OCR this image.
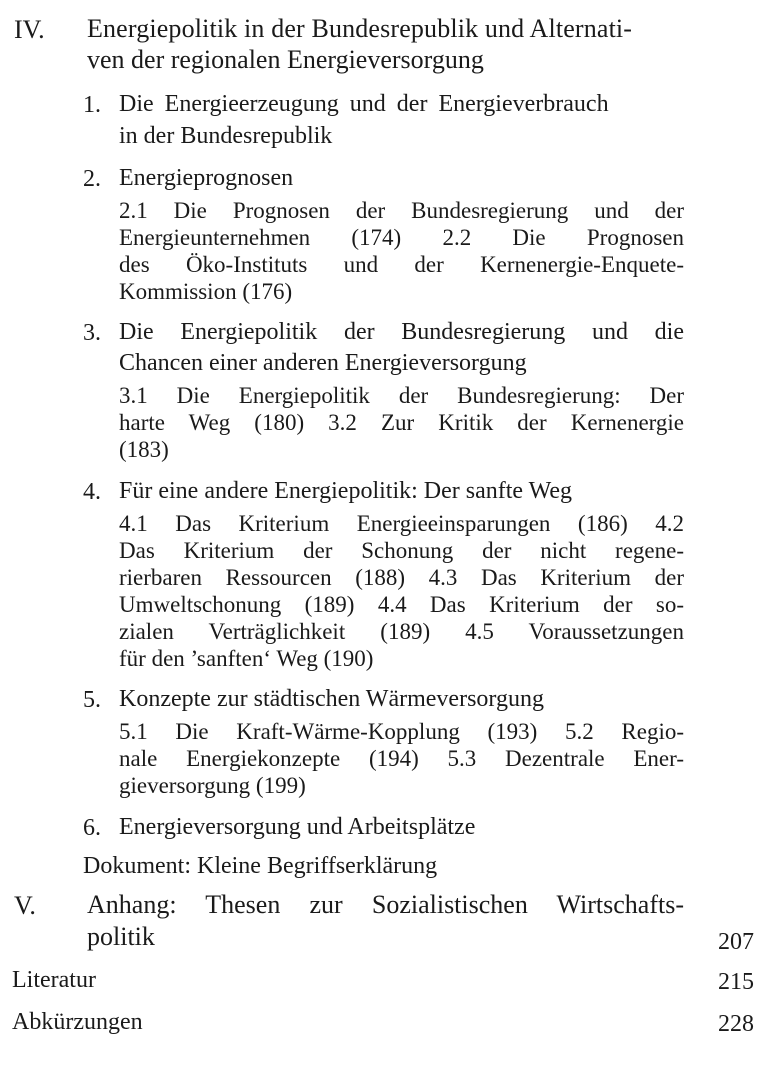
IV. Energiepolitik in der Bundesrepublik und Alternati-
ven der regionalen Energieversorgung
1. Die Energieerzeugung und der Energieverbrauch
in der Bundesrepublik
2. Energieprognosen
2.1 Die Prognosen der Bundesregierung und der
Energieunternehmen (174) 2.2 Die Prognosen
des Öko-Instituts und der Kernenergie-Enquete-
Kommission (176)
3. Die Energiepolitik der Bundesregierung und die
Chancen einer anderen Energieversorgung
3.1 Die Energiepolitik der Bundesregierung: Der
harte Weg (180) 3.2 Zur Kritik der Kernenergie
(183)
4. Für eine andere Energiepolitik: Der sanfte Weg
4.1 Das Kriterium Energieeinsparungen (186) 4.2
Das Kriterium der Schonung der nicht regene-
rierbaren Ressourcen (188) 4.3 Das Kriterium der
Umweltschonung (189) 4.4 Das Kriterium der so-
zialen Verträglichkeit (189) 4.5 Voraussetzungen
für den ’sanften‘ Weg (190)
5. Konzepte zur städtischen Wärmeversorgung
5.1 Die Kraft-Wärme-Kopplung (193) 5.2 Regio-
nale Energiekonzepte (194) 5.3 Dezentrale Ener-
gieversorgung (199)
6. Energieversorgung und Arbeitsplätze
Dokument: Kleine Begriffserklärung
V. Anhang: Thesen zur Sozialistischen Wirtschafts-
politik	207
Literatur	215
Abkürzungen	228
